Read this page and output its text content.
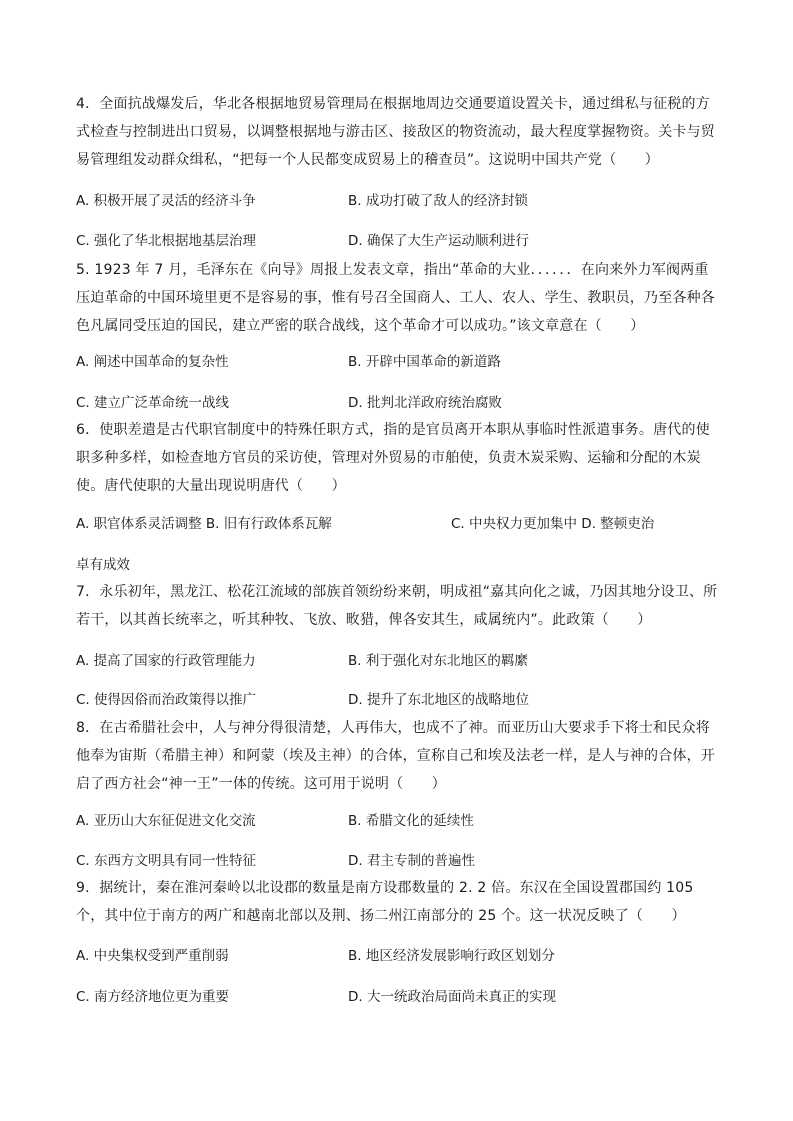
4．全面抗战爆发后，华北各根据地贸易管理局在根据地周边交通要道设置关卡，通过缉私与征税的方式检查与控制进出口贸易，以调整根据地与游击区、接敌区的物资流动，最大程度掌握物资。关卡与贸易管理组发动群众缉私，“把每一个人民都变成贸易上的稽查员”。这说明中国共产党（　　）
A. 积极开展了灵活的经济斗争	B. 成功打破了敌人的经济封锁
C. 强化了华北根据地基层治理	D. 确保了大生产运动顺利进行
5. 1923 年 7 月，毛泽东在《向导》周报上发表文章，指出“革命的大业．．．．．．在向来外力军阀两重压迫革命的中国环境里更不是容易的事，惟有号召全国商人、工人、农人、学生、教职员，乃至各种各色凡属同受压迫的国民，建立严密的联合战线，这个革命才可以成功。”该文章意在（　　）
A. 阐述中国革命的复杂性	B. 开辟中国革命的新道路
C. 建立广泛革命统一战线	D. 批判北洋政府统治腐败
6．使职差遣是古代职官制度中的特殊任职方式，指的是官员离开本职从事临时性派遣事务。唐代的使职多种多样，如检查地方官员的采访使，管理对外贸易的市舶使，负责木炭采购、运输和分配的木炭使。唐代使职的大量出现说明唐代（　　）
A. 职官体系灵活调整 B. 旧有行政体系瓦解	C. 中央权力更加集中 D. 整顿吏治
卓有成效
7．永乐初年，黑龙江、松花江流域的部族首领纷纷来朝，明成祖“嘉其向化之诚，乃因其地分设卫、所若干，以其酋长统率之，听其种牧、飞放、畋猎，俾各安其生，咸属统内”。此政策（　　）
A. 提高了国家的行政管理能力	B. 利于强化对东北地区的羁縻
C. 使得因俗而治政策得以推广	D. 提升了东北地区的战略地位
8．在古希腊社会中，人与神分得很清楚，人再伟大，也成不了神。而亚历山大要求手下将士和民众将他奉为宙斯（希腊主神）和阿蒙（埃及主神）的合体，宣称自己和埃及法老一样，是人与神的合体，开启了西方社会“神一王”一体的传统。这可用于说明（　　）
A. 亚历山大东征促进文化交流	B. 希腊文化的延续性
C. 东西方文明具有同一性特征	D. 君主专制的普遍性
9．据统计，秦在淮河秦岭以北设郡的数量是南方设郡数量的 2. 2 倍。东汉在全国设置郡国约 105 个，其中位于南方的两广和越南北部以及荆、扬二州江南部分的 25 个。这一状况反映了（　　）
A. 中央集权受到严重削弱	B. 地区经济发展影响行政区划划分
C. 南方经济地位更为重要	D. 大一统政治局面尚未真正的实现
